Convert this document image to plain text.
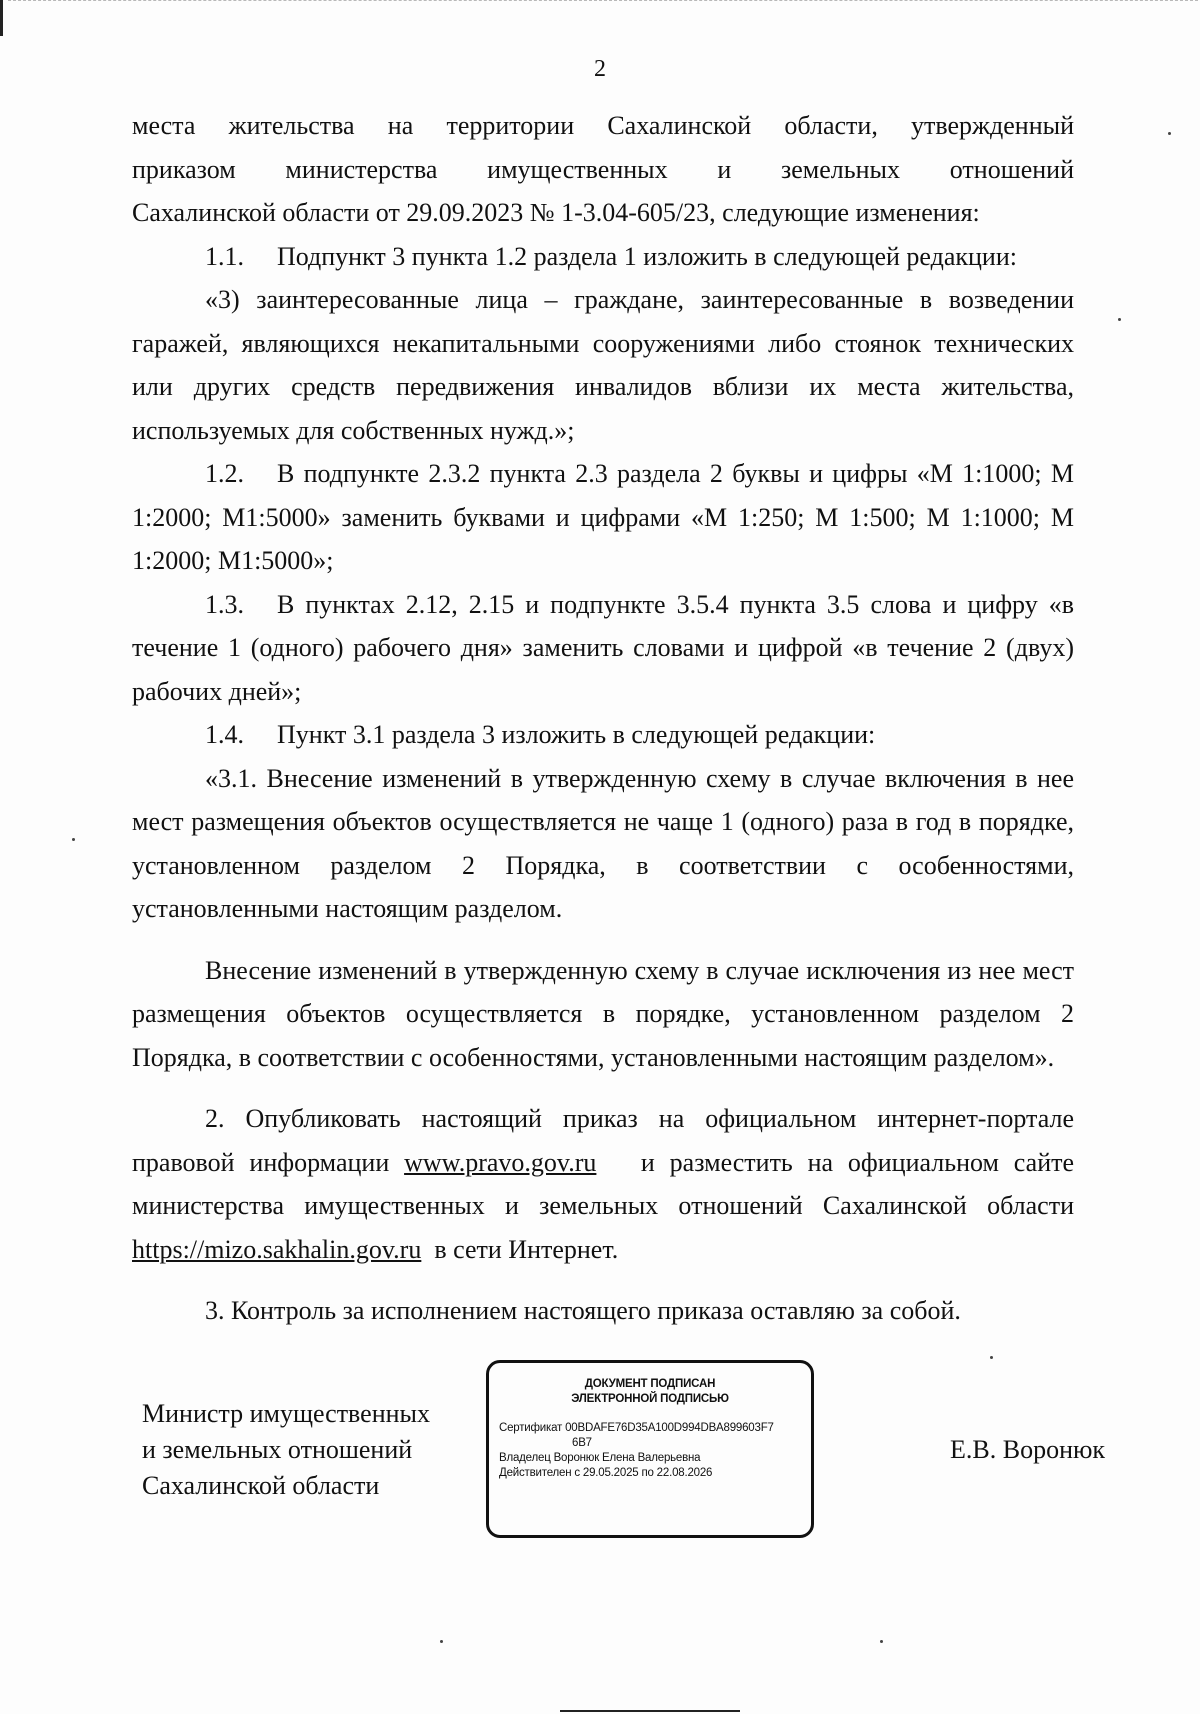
2

места жительства на территории Сахалинской области, утвержденный

приказом министерства имущественных и земельных отношений

Сахалинской области от 29.09.2023 № 1-3.04-605/23, следующие изменения:

1.1. Подпункт 3 пункта 1.2 раздела 1 изложить в следующей редакции:

«3) заинтересованные лица – граждане, заинтересованные в возведении гаражей, являющихся некапитальными сооружениями либо стоянок технических или других средств передвижения инвалидов вблизи их места жительства, используемых для собственных нужд.»;

1.2. В подпункте 2.3.2 пункта 2.3 раздела 2 буквы и цифры «М 1:1000; М 1:2000; М1:5000» заменить буквами и цифрами «М 1:250; М 1:500; М 1:1000; М 1:2000; М1:5000»;

1.3. В пунктах 2.12, 2.15 и подпункте 3.5.4 пункта 3.5 слова и цифру «в течение 1 (одного) рабочего дня» заменить словами и цифрой «в течение 2 (двух) рабочих дней»;

1.4. Пункт 3.1 раздела 3 изложить в следующей редакции:

«3.1. Внесение изменений в утвержденную схему в случае включения в нее мест размещения объектов осуществляется не чаще 1 (одного) раза в год в порядке, установленном разделом 2 Порядка, в соответствии с особенностями, установленными настоящим разделом.

Внесение изменений в утвержденную схему в случае исключения из нее мест размещения объектов осуществляется в порядке, установленном разделом 2 Порядка, в соответствии с особенностями, установленными настоящим разделом».

2. Опубликовать настоящий приказ на официальном интернет-портале правовой информации www.pravo.gov.ru и разместить на официальном сайте министерства имущественных и земельных отношений Сахалинской области https://mizo.sakhalin.gov.ru в сети Интернет.

3. Контроль за исполнением настоящего приказа оставляю за собой.

Министр имущественных
и земельных отношений
Сахалинской области
ДОКУМЕНТ ПОДПИСАН
ЭЛЕКТРОННОЙ ПОДПИСЬЮ
Сертификат 00BDAFE76D35A100D994DBA899603F7
6B7
Владелец Воронюк Елена Валерьевна
Действителен с 29.05.2025 по 22.08.2026
Е.В. Воронюк
